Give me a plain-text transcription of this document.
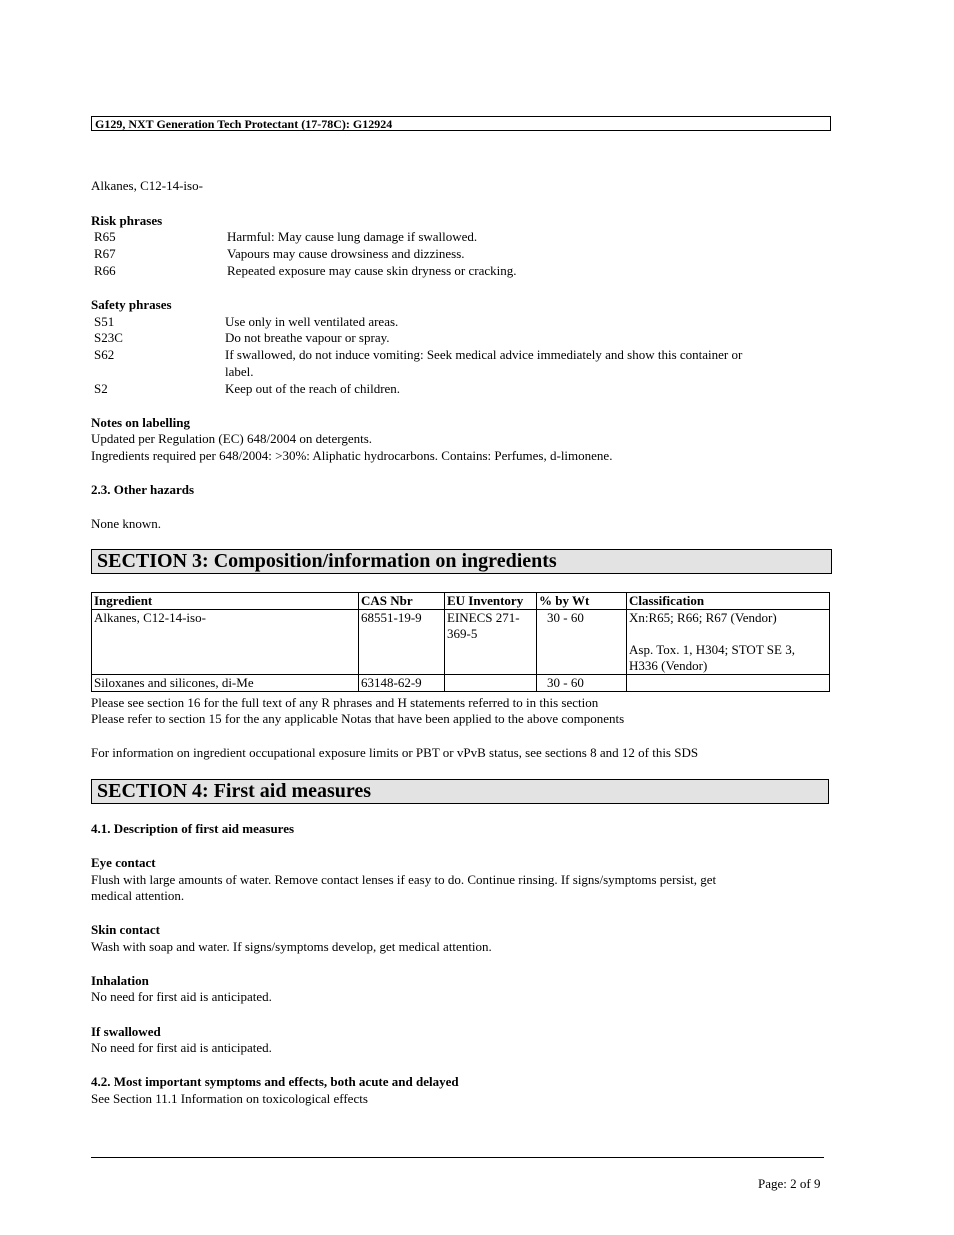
G129, NXT Generation Tech Protectant (17-78C): G12924
Alkanes, C12-14-iso-
Risk phrases
R65	Harmful: May cause lung damage if swallowed.
R67	Vapours may cause drowsiness and dizziness.
R66	Repeated exposure may cause skin dryness or cracking.
Safety phrases
S51	Use only in well ventilated areas.
S23C	Do not breathe vapour or spray.
S62	If swallowed, do not induce vomiting: Seek medical advice immediately and show this container or
label.
S2	Keep out of the reach of children.
Notes on labelling
Updated per Regulation (EC) 648/2004 on detergents.
Ingredients required per 648/2004: >30%: Aliphatic hydrocarbons. Contains: Perfumes, d-limonene.
2.3. Other hazards
None known.
SECTION 3: Composition/information on ingredients
Ingredient	CAS Nbr	EU Inventory	% by Wt	Classification
Alkanes, C12-14-iso-	68551-19-9	EINECS 271-369-5	30 - 60	Xn:R65; R66; R67 (Vendor)
Asp. Tox. 1, H304; STOT SE 3, H336 (Vendor)

Siloxanes and silicones, di-Me	63148-62-9		30 - 60	
Please see section 16 for the full text of any R phrases and H statements referred to in this section
Please refer to section 15 for the any applicable Notas that have been applied to the above components
For information on ingredient occupational exposure limits or PBT or vPvB status, see sections 8 and 12 of this SDS
SECTION 4: First aid measures
4.1. Description of first aid measures
Eye contact
Flush with large amounts of water. Remove contact lenses if easy to do. Continue rinsing. If signs/symptoms persist, get
medical attention.
Skin contact
Wash with soap and water. If signs/symptoms develop, get medical attention.
Inhalation
No need for first aid is anticipated.
If swallowed
No need for first aid is anticipated.
4.2. Most important symptoms and effects, both acute and delayed
See Section 11.1 Information on toxicological effects
Page: 2 of 9
